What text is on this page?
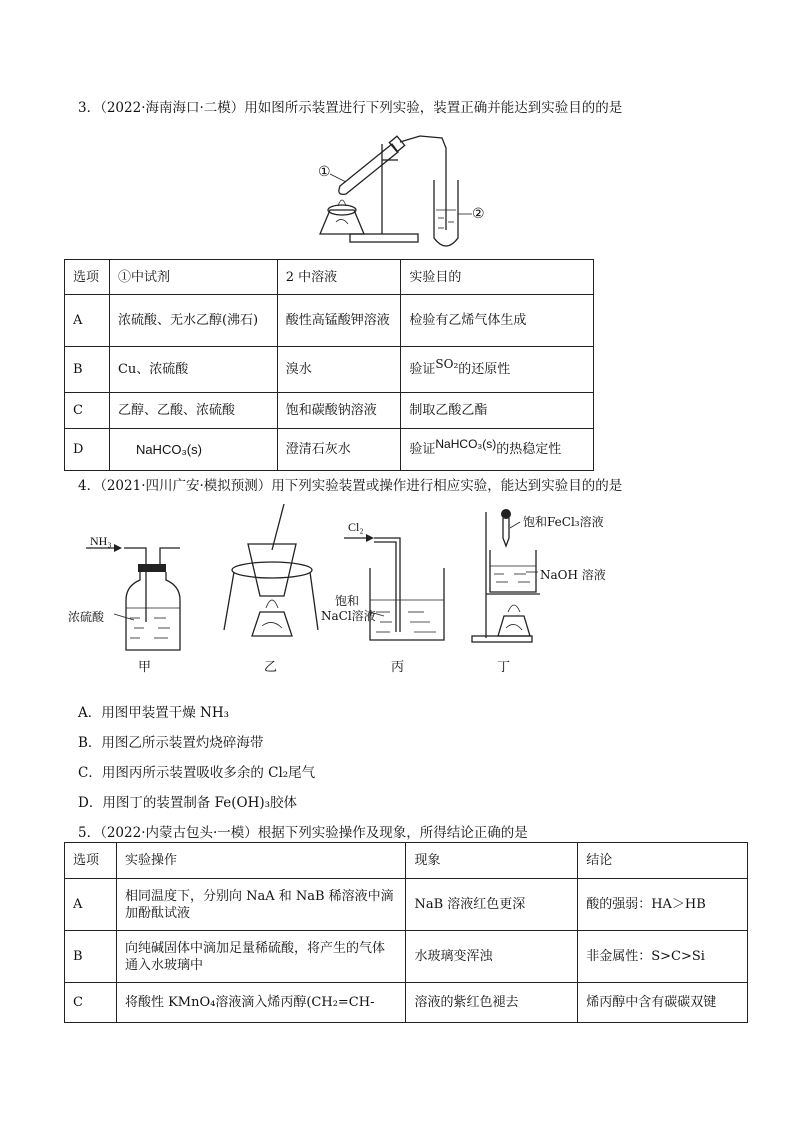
3．（2022·海南海口·二模）用如图所示装置进行下列实验，装置正确并能达到实验目的的是
①
②
选项	①中试剂	2 中溶液	实验目的
A	浓硫酸、无水乙醇(沸石)	酸性高锰酸钾溶液	检验有乙烯气体生成
B	Cu、浓硫酸	溴水	验证SO₂的还原性
C	乙醇、乙酸、浓硫酸	饱和碳酸钠溶液	制取乙酸乙酯
D	NaHCO₃(s)	澄清石灰水	验证NaHCO₃(s)的热稳定性
4．（2021·四川广安·模拟预测）用下列实验装置或操作进行相应实验，能达到实验目的的是
NH₃
浓硫酸
甲	乙
Cl₂
饱和
NaCl溶液
丙
饱和FeCl₃溶液
NaOH 溶液
丁
A．用图甲装置干燥 NH₃
B．用图乙所示装置灼烧碎海带
C．用图丙所示装置吸收多余的 Cl₂尾气
D．用图丁的装置制备 Fe(OH)₃胶体
5．（2022·内蒙古包头·一模）根据下列实验操作及现象，所得结论正确的是
选项	实验操作	现象	结论
A	相同温度下，分别向 NaA 和 NaB 稀溶液中滴加酚酞试液	NaB 溶液红色更深	酸的强弱：HA＞HB
B	向纯碱固体中滴加足量稀硫酸，将产生的气体通入水玻璃中	水玻璃变浑浊	非金属性：S>C>Si
C	将酸性 KMnO₄溶液滴入烯丙醇(CH₂=CH-	溶液的紫红色褪去	烯丙醇中含有碳碳双键
